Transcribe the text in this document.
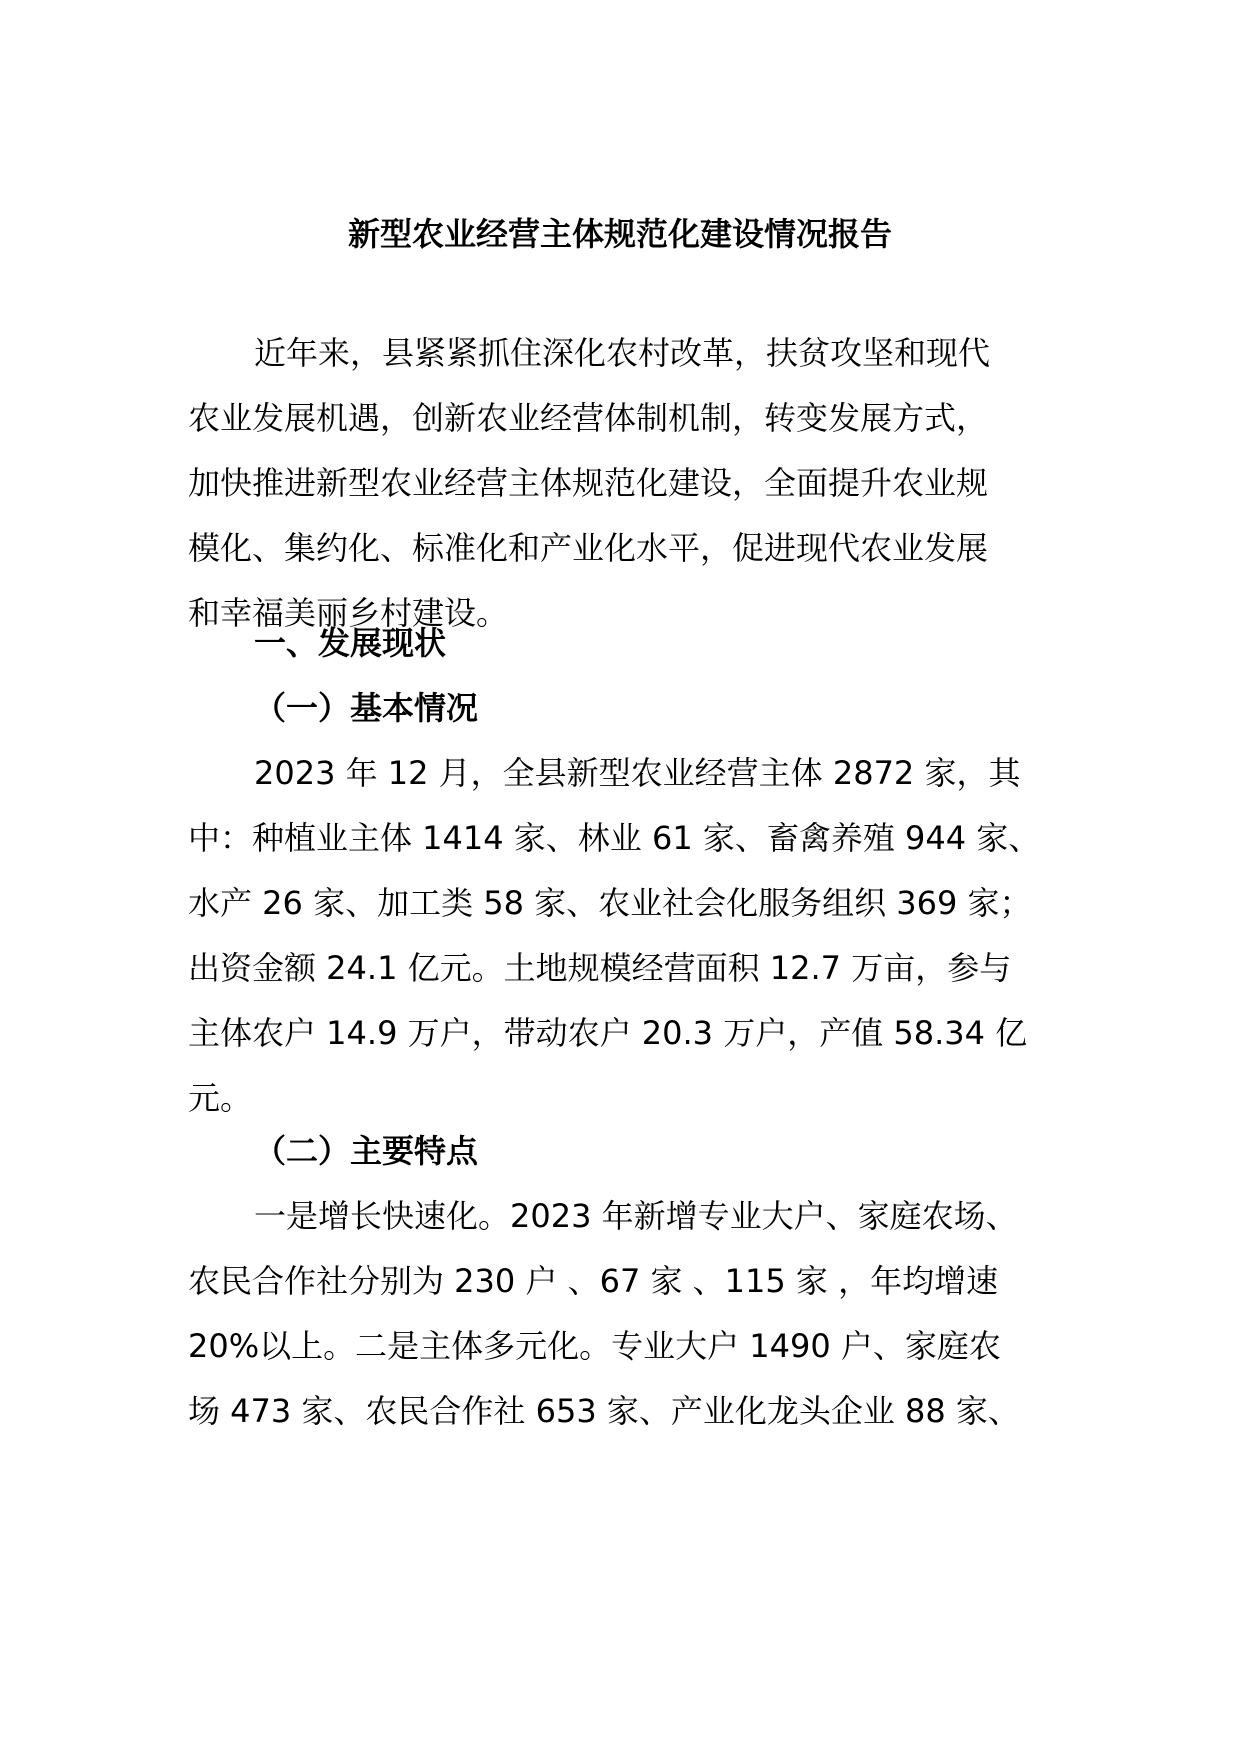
新型农业经营主体规范化建设情况报告
近年来，县紧紧抓住深化农村改革，扶贫攻坚和现代
农业发展机遇，创新农业经营体制机制，转变发展方式，
加快推进新型农业经营主体规范化建设，全面提升农业规
模化、集约化、标准化和产业化水平，促进现代农业发展
和幸福美丽乡村建设。
一、发展现状
（一）基本情况
2023 年 12 月，全县新型农业经营主体 2872 家，其
中：种植业主体 1414 家、林业 61 家、畜禽养殖 944 家、
水产 26 家、加工类 58 家、农业社会化服务组织 369 家；
出资金额 24.1 亿元。土地规模经营面积 12.7 万亩，参与
主体农户 14.9 万户，带动农户 20.3 万户，产值 58.34 亿
元。
（二）主要特点
一是增长快速化。2023 年新增专业大户、家庭农场、
农民合作社分别为 230 户 、67 家 、115 家 ，年均增速
20%以上。二是主体多元化。专业大户 1490 户、家庭农
场 473 家、农民合作社 653 家、产业化龙头企业 88 家、
